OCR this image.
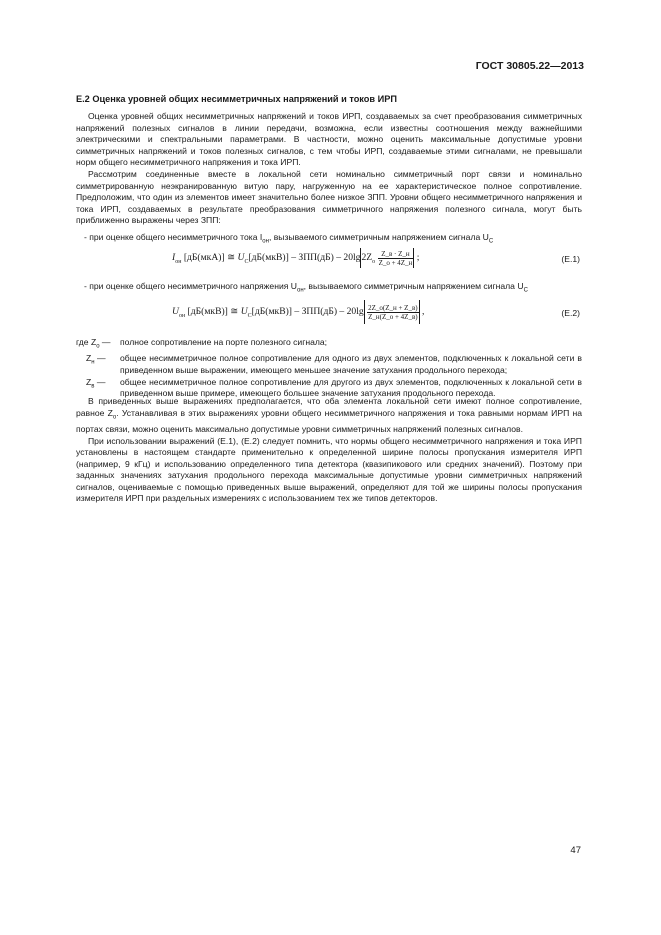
ГОСТ 30805.22—2013
Е.2 Оценка уровней общих несимметричных напряжений и токов ИРП

Оценка уровней общих несимметричных напряжений и токов ИРП, создаваемых за счет преобразования симметричных напряжений полезных сигналов в линии передачи, возможна, если известны соотношения между важнейшими электрическими и спектральными параметрами. В частности, можно оценить максимальные допустимые уровни симметричных напряжений и токов полезных сигналов, с тем чтобы ИРП, создаваемые этими сигналами, не превышали норм общего несимметричного напряжения и тока ИРП.

Рассмотрим соединенные вместе в локальной сети номинально симметричный порт связи и номинально симметрированную неэкранированную витую пару, нагруженную на ее характеристическое полное сопротивление. Предположим, что один из элементов имеет значительно более низкое ЗПП. Уровни общего несимметричного напряжения и тока ИРП, создаваемых в результате преобразования симметричного напряжения полезного сигнала, могут быть приближенно выражены через ЗПП:

- при оценке общего несимметричного тока $I_{он}$, вызываемого симметричным напряжением сигнала $U_C$
$I_{он}$ [дБ(мкА)] ≅ $U_C[дБ(мкВ)] - ЗПП(дБ) - 20\lg 2Z_о \frac{Z\_в \cdot Z\_н}{Z\_о + 4Z\_н}$ ;	(Е.1)
- при оценке общего несимметричного напряжения $U_{он}$, вызываемого симметричным напряжением сигнала $U_C$
$U_{он}$ [дБ(мкВ)] ≅ $U_C[дБ(мкВ)] - ЗПП(дБ) - 20\lg \frac{2Z\_о(Z\_н + Z\_в)}{Z\_н(Z\_о + 4Z\_в)}$ ,	(Е.2)
где $Z_о$ —	полное сопротивление на порте полезного сигнала;
$Z_н$ —	общее несимметричное полное сопротивление для одного из двух элементов, подключенных к локальной сети в приведенном выше выражении, имеющего меньшее значение затухания продольного перехода;
$Z_в$ —	общее несимметричное полное сопротивление для другого из двух элементов, подключенных к локальной сети в приведенном выше примере, имеющего большее значение затухания продольного перехода.

В приведенных выше выражениях предполагается, что оба элемента локальной сети имеют полное сопротивление, равное $Z_о$. Устанавливая в этих выражениях уровни общего несимметричного напряжения и тока равными нормам ИРП на портах связи, можно оценить максимально допустимые уровни симметричных напряжений полезных сигналов.

При использовании выражений (Е.1), (Е.2) следует помнить, что нормы общего несимметричного напряжения и тока ИРП установлены в настоящем стандарте применительно к определенной ширине полосы пропускания измерителя ИРП (например, 9 кГц) и использованию определенного типа детектора (квазипикового или средних значений). Поэтому при заданных значениях затухания продольного перехода максимальные допустимые уровни симметричных напряжений сигналов, оцениваемые с помощью приведенных выше выражений, определяют для той же ширины полосы пропускания измерителя ИРП при раздельных измерениях с использованием тех же типов детекторов.

47
